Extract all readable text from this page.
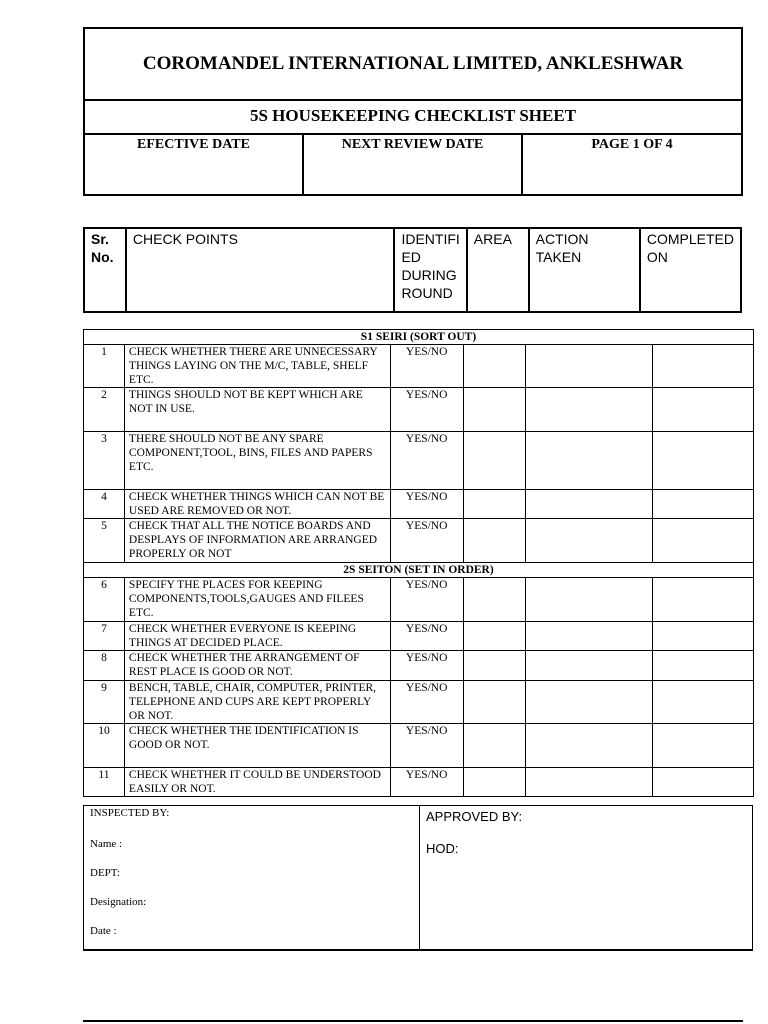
COROMANDEL INTERNATIONAL LIMITED, ANKLESHWAR
5S HOUSEKEEPING CHECKLIST SHEET
EFECTIVE DATE	NEXT REVIEW DATE	PAGE 1 OF 4
Sr. No.	CHECK POINTS	IDENTIFI ED DURING ROUND	AREA	ACTION TAKEN	COMPLETED ON
S1 SEIRI (SORT OUT)					
1	CHECK WHETHER THERE ARE UNNECESSARY THINGS LAYING ON THE M/C, TABLE, SHELF ETC.	YES/NO			
2	THINGS SHOULD NOT BE KEPT WHICH ARE NOT IN USE.	YES/NO			
3	THERE SHOULD NOT BE ANY SPARE COMPONENT,TOOL, BINS, FILES AND PAPERS ETC.	YES/NO			
4	CHECK WHETHER THINGS WHICH CAN NOT BE USED ARE REMOVED OR NOT.	YES/NO			
5	CHECK THAT ALL THE NOTICE BOARDS AND DESPLAYS OF INFORMATION ARE ARRANGED PROPERLY OR NOT	YES/NO			
2S SEITON (SET IN ORDER)					
6	SPECIFY THE PLACES FOR KEEPING COMPONENTS,TOOLS,GAUGES AND FILEES ETC.	YES/NO			
7	CHECK WHETHER EVERYONE IS KEEPING THINGS AT DECIDED PLACE.	YES/NO			
8	CHECK WHETHER THE ARRANGEMENT OF REST PLACE IS GOOD OR NOT.	YES/NO			
9	BENCH, TABLE, CHAIR, COMPUTER, PRINTER, TELEPHONE AND CUPS ARE KEPT PROPERLY OR NOT.	YES/NO			
10	CHECK WHETHER THE IDENTIFICATION IS GOOD OR NOT.	YES/NO			
11	CHECK WHETHER IT COULD BE UNDERSTOOD EASILY OR NOT.	YES/NO			
INSPECTED BY:
Name :
DEPT:
Designation:
Date :
APPROVED BY:
HOD:
